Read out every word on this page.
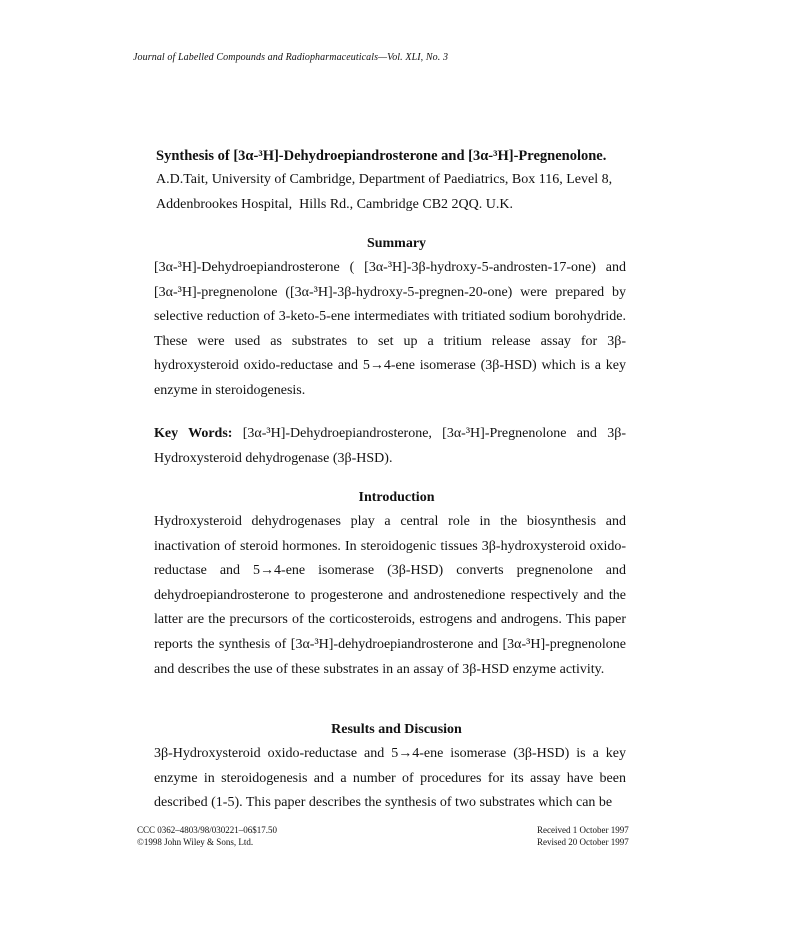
Journal of Labelled Compounds and Radiopharmaceuticals—Vol. XLI, No. 3
Synthesis of [3α-³H]-Dehydroepiandrosterone and [3α-³H]-Pregnenolone.
A.D.Tait, University of Cambridge, Department of Paediatrics, Box 116, Level 8,
Addenbrookes Hospital,  Hills Rd., Cambridge CB2 2QQ. U.K.
Summary

[3α-³H]-Dehydroepiandrosterone ( [3α-³H]-3β-hydroxy-5-androsten-17-one) and [3α-³H]-pregnenolone ([3α-³H]-3β-hydroxy-5-pregnen-20-one) were prepared by selective reduction of 3-keto-5-ene intermediates with tritiated sodium borohydride. These were used as substrates to set up a tritium release assay for 3β-hydroxysteroid oxido-reductase and 5→4-ene isomerase (3β-HSD) which is a key enzyme in steroidogenesis.

Key Words: [3α-³H]-Dehydroepiandrosterone, [3α-³H]-Pregnenolone and 3β-Hydroxysteroid dehydrogenase (3β-HSD).

Introduction

Hydroxysteroid dehydrogenases play a central role in the biosynthesis and inactivation of steroid hormones. In steroidogenic tissues 3β-hydroxysteroid oxido-reductase and 5→4-ene isomerase (3β-HSD) converts pregnenolone and dehydroepiandrosterone to progesterone and androstenedione respectively and the latter are the precursors of the corticosteroids, estrogens and androgens. This paper reports the synthesis of [3α-³H]-dehydroepiandrosterone and [3α-³H]-pregnenolone and describes the use of these substrates in an assay of 3β-HSD enzyme activity.

Results and Discusion

3β-Hydroxysteroid oxido-reductase and 5→4-ene isomerase (3β-HSD) is a key enzyme in steroidogenesis and a number of procedures for its assay have been described (1-5). This paper describes the synthesis of two substrates which can be

CCC 0362–4803/98/030221–06$17.50
©1998 John Wiley & Sons, Ltd.
Received 1 October 1997
Revised 20 October 1997
